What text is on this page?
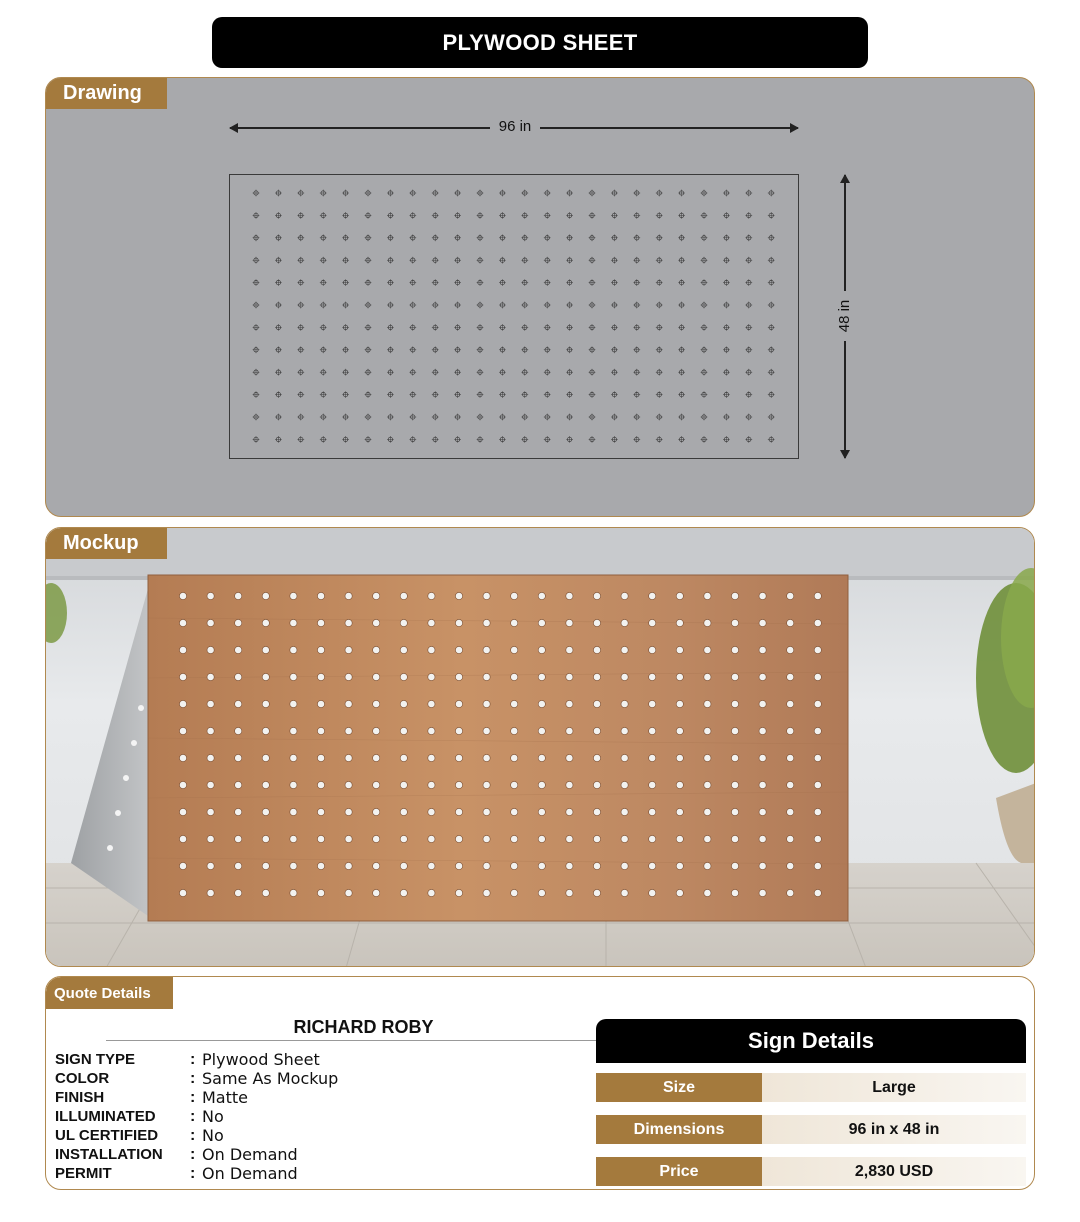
PLYWOOD SHEET
Drawing
96 in
48 in
Mockup
Quote Details
RICHARD ROBY
SIGN TYPE	: Plywood Sheet
COLOR	: Same As Mockup
FINISH	: Matte
ILLUMINATED	: No
UL CERTIFIED	: No
INSTALLATION	: On Demand
PERMIT	: On Demand
Sign Details
Size	Large
Dimensions	96 in x 48 in
Price	2,830 USD
